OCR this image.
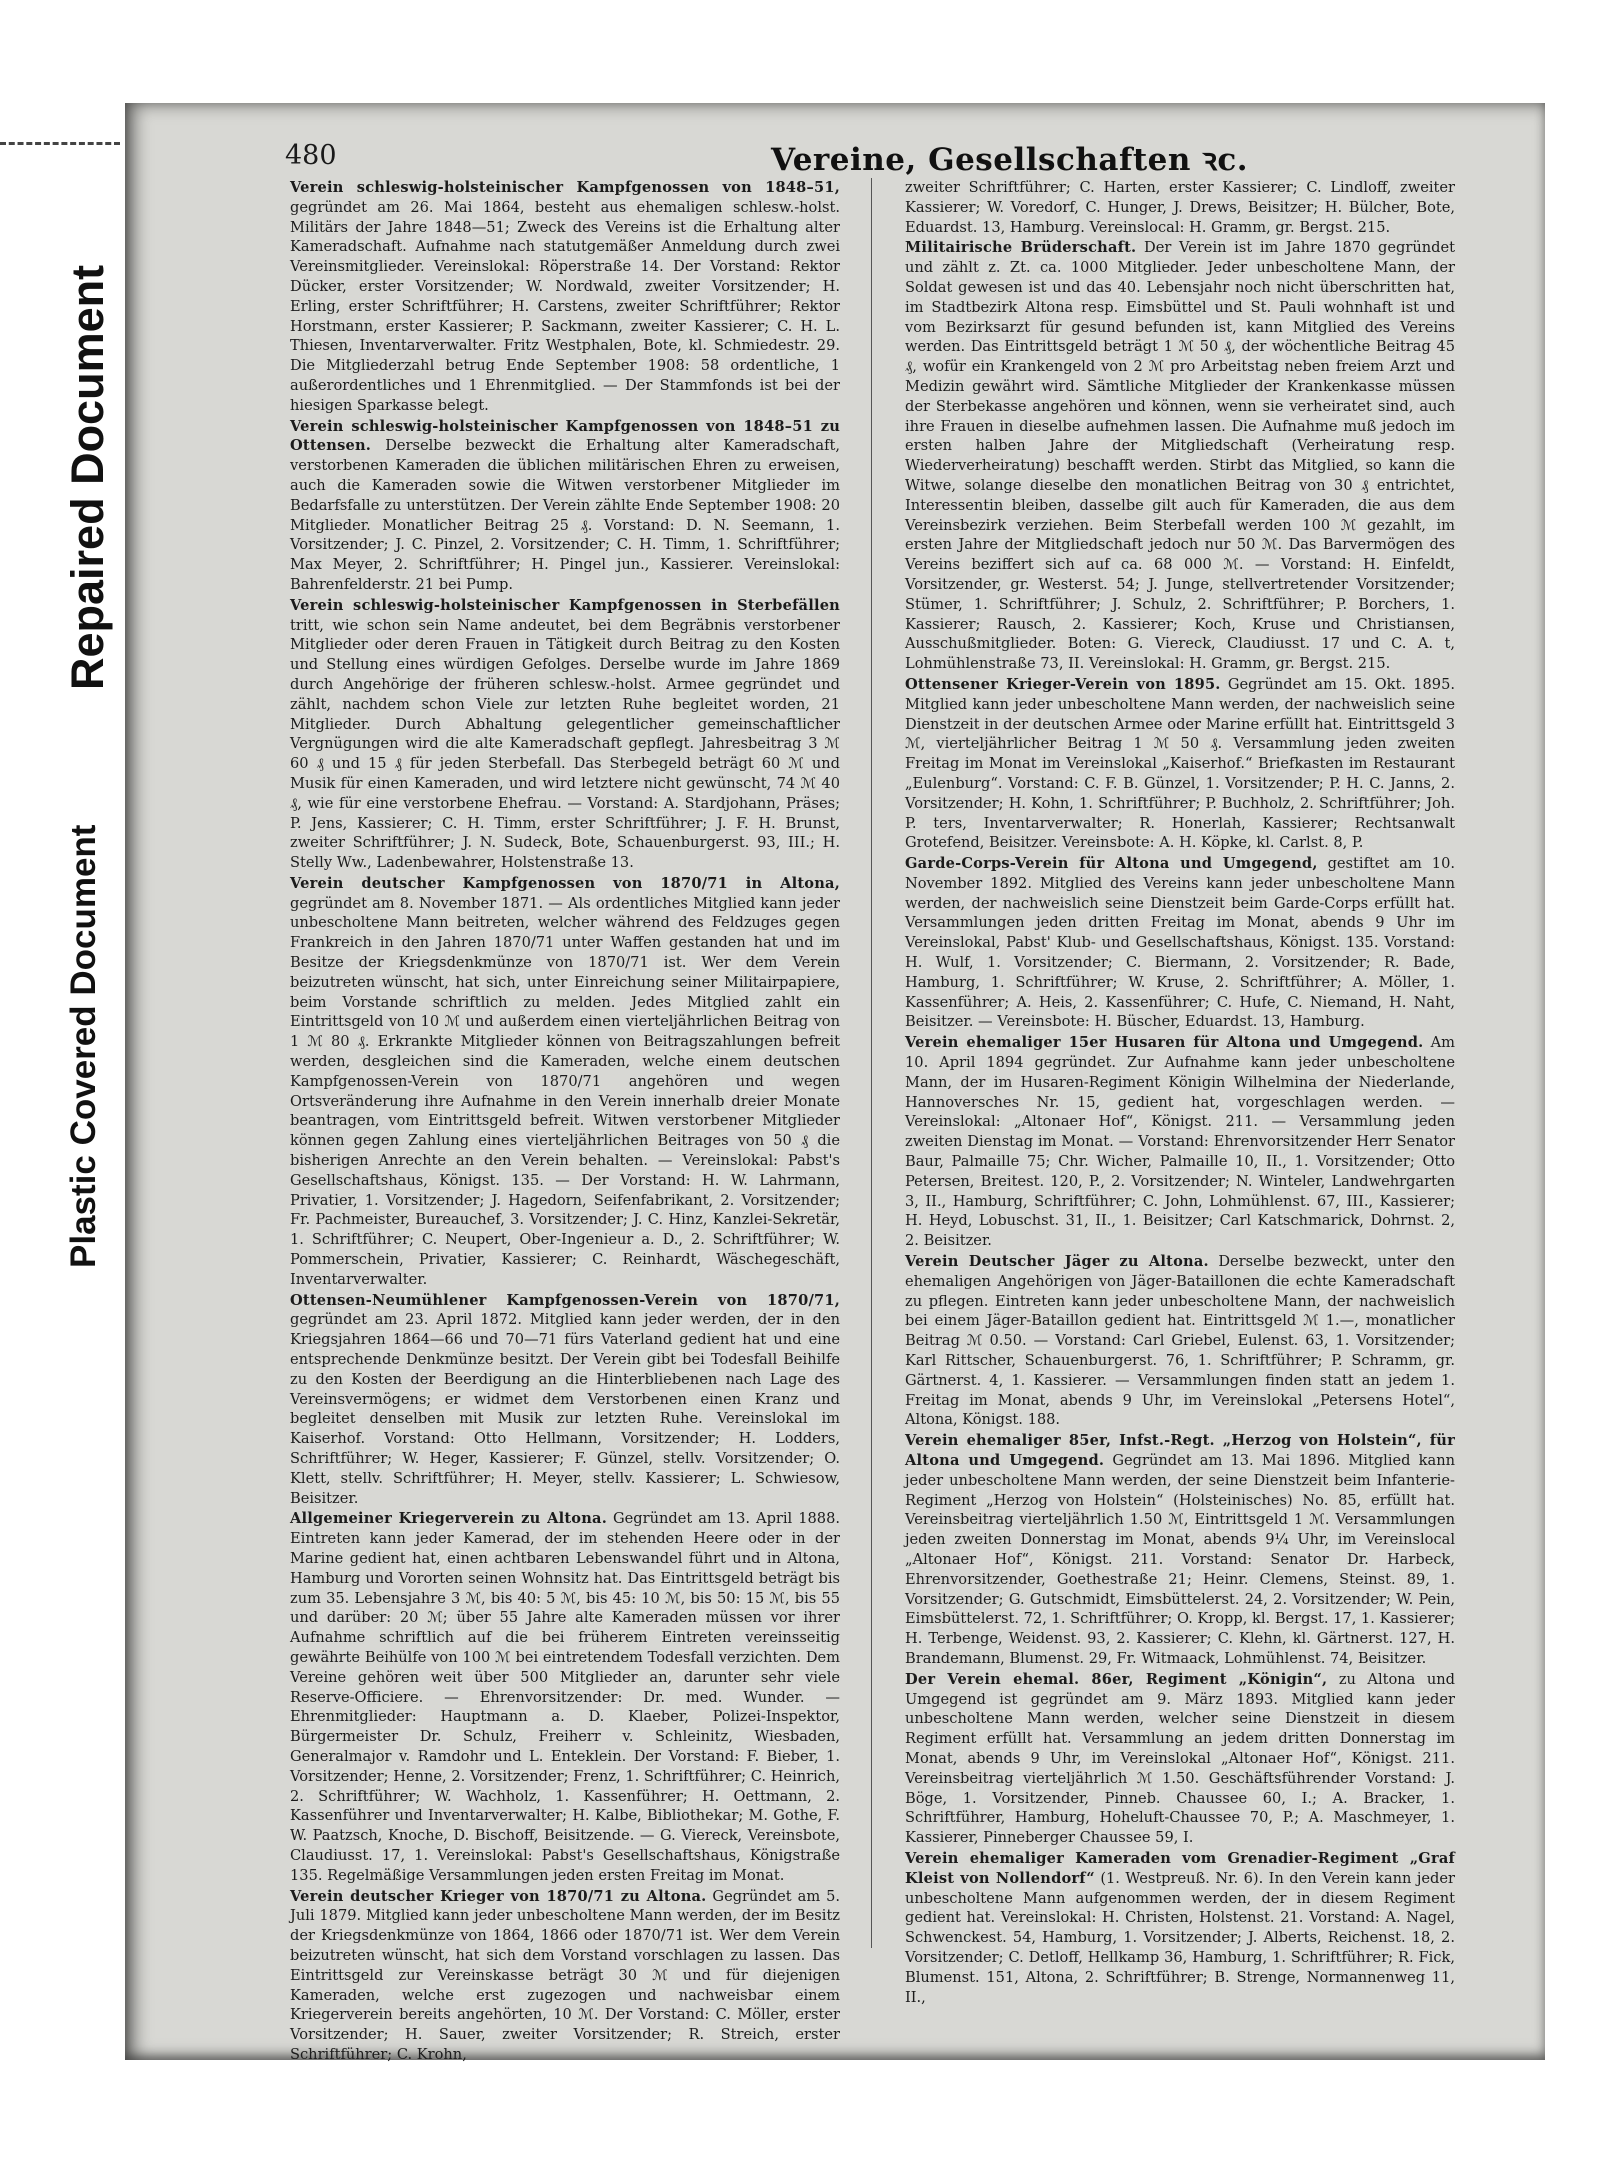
Repaired Document
Plastic Covered Document
480	Vereine, Gesellschaften ꝛc.

Verein schleswig-holsteinischer Kampfgenossen von 1848–51, gegründet am 26. Mai 1864, besteht aus ehemaligen schlesw.-holst. Militärs der Jahre 1848—51; Zweck des Vereins ist die Erhaltung alter Kameradschaft. Aufnahme nach statutgemäßer Anmeldung durch zwei Vereinsmitglieder. Vereinslokal: Röperstraße 14. Der Vorstand: Rektor Dücker, erster Vorsitzender; W. Nordwald, zweiter Vorsitzender; H. Erling, erster Schriftführer; H. Carstens, zweiter Schriftführer; Rektor Horstmann, erster Kassierer; P. Sackmann, zweiter Kassierer; C. H. L. Thiesen, Inventarverwalter. Fritz Westphalen, Bote, kl. Schmiedestr. 29. Die Mitgliederzahl betrug Ende September 1908: 58 ordentliche, 1 außerordentliches und 1 Ehrenmitglied. — Der Stammfonds ist bei der hiesigen Sparkasse belegt.

Verein schleswig-holsteinischer Kampfgenossen von 1848–51 zu Ottensen. Derselbe bezweckt die Erhaltung alter Kameradschaft, verstorbenen Kameraden die üblichen militärischen Ehren zu erweisen, auch die Kameraden sowie die Witwen verstorbener Mitglieder im Bedarfsfalle zu unterstützen. Der Verein zählte Ende September 1908: 20 Mitglieder. Monatlicher Beitrag 25 ₰. Vorstand: D. N. Seemann, 1. Vorsitzender; J. C. Pinzel, 2. Vorsitzender; C. H. Timm, 1. Schriftführer; Max Meyer, 2. Schriftführer; H. Pingel jun., Kassierer. Vereinslokal: Bahrenfelderstr. 21 bei Pump.

Verein schleswig-holsteinischer Kampfgenossen in Sterbefällen tritt, wie schon sein Name andeutet, bei dem Begräbnis verstorbener Mitglieder oder deren Frauen in Tätigkeit durch Beitrag zu den Kosten und Stellung eines würdigen Gefolges. Derselbe wurde im Jahre 1869 durch Angehörige der früheren schlesw.-holst. Armee gegründet und zählt, nachdem schon Viele zur letzten Ruhe begleitet worden, 21 Mitglieder. Durch Abhaltung gelegentlicher gemeinschaftlicher Vergnügungen wird die alte Kameradschaft gepflegt. Jahresbeitrag 3 ℳ 60 ₰ und 15 ₰ für jeden Sterbefall. Das Sterbegeld beträgt 60 ℳ und Musik für einen Kameraden, und wird letztere nicht gewünscht, 74 ℳ 40 ₰, wie für eine verstorbene Ehefrau. — Vorstand: A. Stardjohann, Präses; P. Jens, Kassierer; C. H. Timm, erster Schriftführer; J. F. H. Brunst, zweiter Schriftführer; J. N. Sudeck, Bote, Schauenburgerst. 93, III.; H. Stelly Ww., Ladenbewahrer, Holstenstraße 13.

Verein deutscher Kampfgenossen von 1870/71 in Altona, gegründet am 8. November 1871. — Als ordentliches Mitglied kann jeder unbescholtene Mann beitreten, welcher während des Feldzuges gegen Frankreich in den Jahren 1870/71 unter Waffen gestanden hat und im Besitze der Kriegsdenkmünze von 1870/71 ist. Wer dem Verein beizutreten wünscht, hat sich, unter Einreichung seiner Militairpapiere, beim Vorstande schriftlich zu melden. Jedes Mitglied zahlt ein Eintrittsgeld von 10 ℳ und außerdem einen vierteljährlichen Beitrag von 1 ℳ 80 ₰. Erkrankte Mitglieder können von Beitragszahlungen befreit werden, desgleichen sind die Kameraden, welche einem deutschen Kampfgenossen-Verein von 1870/71 angehören und wegen Ortsveränderung ihre Aufnahme in den Verein innerhalb dreier Monate beantragen, vom Eintrittsgeld befreit. Witwen verstorbener Mitglieder können gegen Zahlung eines vierteljährlichen Beitrages von 50 ₰ die bisherigen Anrechte an den Verein behalten. — Vereinslokal: Pabst's Gesellschaftshaus, Königst. 135. — Der Vorstand: H. W. Lahrmann, Privatier, 1. Vorsitzender; J. Hagedorn, Seifenfabrikant, 2. Vorsitzender; Fr. Pachmeister, Bureauchef, 3. Vorsitzender; J. C. Hinz, Kanzlei-Sekretär, 1. Schriftführer; C. Neupert, Ober-Ingenieur a. D., 2. Schriftführer; W. Pommerschein, Privatier, Kassierer; C. Reinhardt, Wäschegeschäft, Inventarverwalter.

Ottensen-Neumühlener Kampfgenossen-Verein von 1870/71, gegründet am 23. April 1872. Mitglied kann jeder werden, der in den Kriegsjahren 1864—66 und 70—71 fürs Vaterland gedient hat und eine entsprechende Denkmünze besitzt. Der Verein gibt bei Todesfall Beihilfe zu den Kosten der Beerdigung an die Hinterbliebenen nach Lage des Vereinsvermögens; er widmet dem Verstorbenen einen Kranz und begleitet denselben mit Musik zur letzten Ruhe. Vereinslokal im Kaiserhof. Vorstand: Otto Hellmann, Vorsitzender; H. Lodders, Schriftführer; W. Heger, Kassierer; F. Günzel, stellv. Vorsitzender; O. Klett, stellv. Schriftführer; H. Meyer, stellv. Kassierer; L. Schwiesow, Beisitzer.

Allgemeiner Kriegerverein zu Altona. Gegründet am 13. April 1888. Eintreten kann jeder Kamerad, der im stehenden Heere oder in der Marine gedient hat, einen achtbaren Lebenswandel führt und in Altona, Hamburg und Vororten seinen Wohnsitz hat. Das Eintrittsgeld beträgt bis zum 35. Lebensjahre 3 ℳ, bis 40: 5 ℳ, bis 45: 10 ℳ, bis 50: 15 ℳ, bis 55 und darüber: 20 ℳ; über 55 Jahre alte Kameraden müssen vor ihrer Aufnahme schriftlich auf die bei früherem Eintreten vereinsseitig gewährte Beihülfe von 100 ℳ bei eintretendem Todesfall verzichten. Dem Vereine gehören weit über 500 Mitglieder an, darunter sehr viele Reserve-Officiere. — Ehrenvorsitzender: Dr. med. Wunder. — Ehrenmitglieder: Hauptmann a. D. Klaeber, Polizei-Inspektor, Bürgermeister Dr. Schulz, Freiherr v. Schleinitz, Wiesbaden, Generalmajor v. Ramdohr und L. Enteklein. Der Vorstand: F. Bieber, 1. Vorsitzender; Henne, 2. Vorsitzender; Frenz, 1. Schriftführer; C. Heinrich, 2. Schriftführer; W. Wachholz, 1. Kassenführer; H. Oettmann, 2. Kassenführer und Inventarverwalter; H. Kalbe, Bibliothekar; M. Gothe, F. W. Paatzsch, Knoche, D. Bischoff, Beisitzende. — G. Viereck, Vereinsbote, Claudiusst. 17, 1. Vereinslokal: Pabst's Gesellschaftshaus, Königstraße 135. Regelmäßige Versammlungen jeden ersten Freitag im Monat.

Verein deutscher Krieger von 1870/71 zu Altona. Gegründet am 5. Juli 1879. Mitglied kann jeder unbescholtene Mann werden, der im Besitz der Kriegsdenkmünze von 1864, 1866 oder 1870/71 ist. Wer dem Verein beizutreten wünscht, hat sich dem Vorstand vorschlagen zu lassen. Das Eintrittsgeld zur Vereinskasse beträgt 30 ℳ und für diejenigen Kameraden, welche erst zugezogen und nachweisbar einem Kriegerverein bereits angehörten, 10 ℳ. Der Vorstand: C. Möller, erster Vorsitzender; H. Sauer, zweiter Vorsitzender; R. Streich, erster Schriftführer; C. Krohn,

zweiter Schriftführer; C. Harten, erster Kassierer; C. Lindloff, zweiter Kassierer; W. Voredorf, C. Hunger, J. Drews, Beisitzer; H. Bülcher, Bote, Eduardst. 13, Hamburg. Vereinslocal: H. Gramm, gr. Bergst. 215.

Militairische Brüderschaft. Der Verein ist im Jahre 1870 gegründet und zählt z. Zt. ca. 1000 Mitglieder. Jeder unbescholtene Mann, der Soldat gewesen ist und das 40. Lebensjahr noch nicht überschritten hat, im Stadtbezirk Altona resp. Eimsbüttel und St. Pauli wohnhaft ist und vom Bezirksarzt für gesund befunden ist, kann Mitglied des Vereins werden. Das Eintrittsgeld beträgt 1 ℳ 50 ₰, der wöchentliche Beitrag 45 ₰, wofür ein Krankengeld von 2 ℳ pro Arbeitstag neben freiem Arzt und Medizin gewährt wird. Sämtliche Mitglieder der Krankenkasse müssen der Sterbekasse angehören und können, wenn sie verheiratet sind, auch ihre Frauen in dieselbe aufnehmen lassen. Die Aufnahme muß jedoch im ersten halben Jahre der Mitgliedschaft (Verheiratung resp. Wiederverheiratung) beschafft werden. Stirbt das Mitglied, so kann die Witwe, solange dieselbe den monatlichen Beitrag von 30 ₰ entrichtet, Interessentin bleiben, dasselbe gilt auch für Kameraden, die aus dem Vereinsbezirk verziehen. Beim Sterbefall werden 100 ℳ gezahlt, im ersten Jahre der Mitgliedschaft jedoch nur 50 ℳ. Das Barvermögen des Vereins beziffert sich auf ca. 68 000 ℳ. — Vorstand: H. Einfeldt, Vorsitzender, gr. Westerst. 54; J. Junge, stellvertretender Vorsitzender; Stümer, 1. Schriftführer; J. Schulz, 2. Schriftführer; P. Borchers, 1. Kassierer; Rausch, 2. Kassierer; Koch, Kruse und Christiansen, Ausschußmitglieder. Boten: G. Viereck, Claudiusst. 17 und C. A. t, Lohmühlenstraße 73, II. Vereinslokal: H. Gramm, gr. Bergst. 215.

Ottensener Krieger-Verein von 1895. Gegründet am 15. Okt. 1895. Mitglied kann jeder unbescholtene Mann werden, der nachweislich seine Dienstzeit in der deutschen Armee oder Marine erfüllt hat. Eintrittsgeld 3 ℳ, vierteljährlicher Beitrag 1 ℳ 50 ₰. Versammlung jeden zweiten Freitag im Monat im Vereinslokal „Kaiserhof.“ Briefkasten im Restaurant „Eulenburg“. Vorstand: C. F. B. Günzel, 1. Vorsitzender; P. H. C. Janns, 2. Vorsitzender; H. Kohn, 1. Schriftführer; P. Buchholz, 2. Schriftführer; Joh. P. ters, Inventarverwalter; R. Honerlah, Kassierer; Rechtsanwalt Grotefend, Beisitzer. Vereinsbote: A. H. Köpke, kl. Carlst. 8, P.

Garde-Corps-Verein für Altona und Umgegend, gestiftet am 10. November 1892. Mitglied des Vereins kann jeder unbescholtene Mann werden, der nachweislich seine Dienstzeit beim Garde-Corps erfüllt hat. Versammlungen jeden dritten Freitag im Monat, abends 9 Uhr im Vereinslokal, Pabst' Klub- und Gesellschaftshaus, Königst. 135. Vorstand: H. Wulf, 1. Vorsitzender; C. Biermann, 2. Vorsitzender; R. Bade, Hamburg, 1. Schriftführer; W. Kruse, 2. Schriftführer; A. Möller, 1. Kassenführer; A. Heis, 2. Kassenführer; C. Hufe, C. Niemand, H. Naht, Beisitzer. — Vereinsbote: H. Büscher, Eduardst. 13, Hamburg.

Verein ehemaliger 15er Husaren für Altona und Umgegend. Am 10. April 1894 gegründet. Zur Aufnahme kann jeder unbescholtene Mann, der im Husaren-Regiment Königin Wilhelmina der Niederlande, Hannoversches Nr. 15, gedient hat, vorgeschlagen werden. — Vereinslokal: „Altonaer Hof“, Königst. 211. — Versammlung jeden zweiten Dienstag im Monat. — Vorstand: Ehrenvorsitzender Herr Senator Baur, Palmaille 75; Chr. Wicher, Palmaille 10, II., 1. Vorsitzender; Otto Petersen, Breitest. 120, P., 2. Vorsitzender; N. Winteler, Landwehrgarten 3, II., Hamburg, Schriftführer; C. John, Lohmühlenst. 67, III., Kassierer; H. Heyd, Lobuschst. 31, II., 1. Beisitzer; Carl Katschmarick, Dohrnst. 2, 2. Beisitzer.

Verein Deutscher Jäger zu Altona. Derselbe bezweckt, unter den ehemaligen Angehörigen von Jäger-Bataillonen die echte Kameradschaft zu pflegen. Eintreten kann jeder unbescholtene Mann, der nachweislich bei einem Jäger-Bataillon gedient hat. Eintrittsgeld ℳ 1.—, monatlicher Beitrag ℳ 0.50. — Vorstand: Carl Griebel, Eulenst. 63, 1. Vorsitzender; Karl Rittscher, Schauenburgerst. 76, 1. Schriftführer; P. Schramm, gr. Gärtnerst. 4, 1. Kassierer. — Versammlungen finden statt an jedem 1. Freitag im Monat, abends 9 Uhr, im Vereinslokal „Petersens Hotel“, Altona, Königst. 188.

Verein ehemaliger 85er, Infst.-Regt. „Herzog von Holstein“, für Altona und Umgegend. Gegründet am 13. Mai 1896. Mitglied kann jeder unbescholtene Mann werden, der seine Dienstzeit beim Infanterie-Regiment „Herzog von Holstein“ (Holsteinisches) No. 85, erfüllt hat. Vereinsbeitrag vierteljährlich 1.50 ℳ, Eintrittsgeld 1 ℳ. Versammlungen jeden zweiten Donnerstag im Monat, abends 9¼ Uhr, im Vereinslocal „Altonaer Hof“, Königst. 211. Vorstand: Senator Dr. Harbeck, Ehrenvorsitzender, Goethestraße 21; Heinr. Clemens, Steinst. 89, 1. Vorsitzender; G. Gutschmidt, Eimsbüttelerst. 24, 2. Vorsitzender; W. Pein, Eimsbüttelerst. 72, 1. Schriftführer; O. Kropp, kl. Bergst. 17, 1. Kassierer; H. Terbenge, Weidenst. 93, 2. Kassierer; C. Klehn, kl. Gärtnerst. 127, H. Brandemann, Blumenst. 29, Fr. Witmaack, Lohmühlenst. 74, Beisitzer.

Der Verein ehemal. 86er, Regiment „Königin“, zu Altona und Umgegend ist gegründet am 9. März 1893. Mitglied kann jeder unbescholtene Mann werden, welcher seine Dienstzeit in diesem Regiment erfüllt hat. Versammlung an jedem dritten Donnerstag im Monat, abends 9 Uhr, im Vereinslokal „Altonaer Hof“, Königst. 211. Vereinsbeitrag vierteljährlich ℳ 1.50. Geschäftsführender Vorstand: J. Böge, 1. Vorsitzender, Pinneb. Chaussee 60, I.; A. Bracker, 1. Schriftführer, Hamburg, Hoheluft-Chaussee 70, P.; A. Maschmeyer, 1. Kassierer, Pinneberger Chaussee 59, I.

Verein ehemaliger Kameraden vom Grenadier-Regiment „Graf Kleist von Nollendorf“ (1. Westpreuß. Nr. 6). In den Verein kann jeder unbescholtene Mann aufgenommen werden, der in diesem Regiment gedient hat. Vereinslokal: H. Christen, Holstenst. 21. Vorstand: A. Nagel, Schwenckest. 54, Hamburg, 1. Vorsitzender; J. Alberts, Reichenst. 18, 2. Vorsitzender; C. Detloff, Hellkamp 36, Hamburg, 1. Schriftführer; R. Fick, Blumenst. 151, Altona, 2. Schriftführer; B. Strenge, Normannenweg 11, II.,
